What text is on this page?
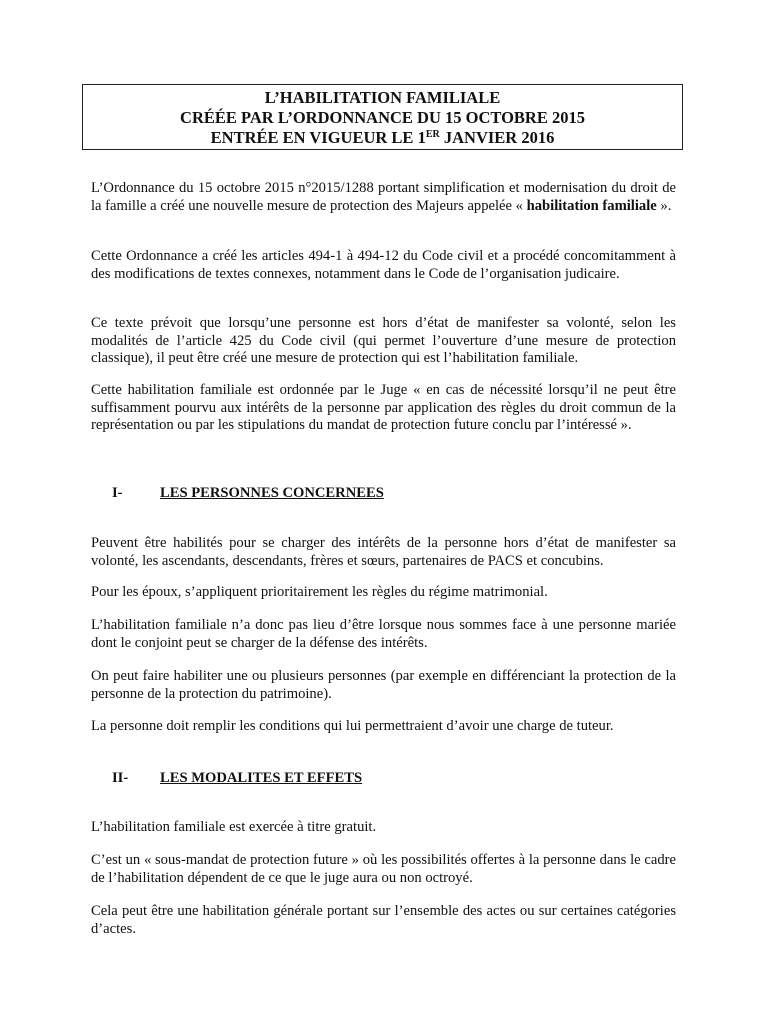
L’HABILITATION FAMILIALE
CRÉÉE PAR L’ORDONNANCE DU 15 OCTOBRE 2015
ENTRÉE EN VIGUEUR LE 1ER JANVIER 2016

L’Ordonnance du 15 octobre 2015 n°2015/1288 portant simplification et modernisation du droit de la famille a créé une nouvelle mesure de protection des Majeurs appelée « habilitation familiale ».

Cette Ordonnance a créé les articles 494-1 à 494-12 du Code civil et a procédé concomitamment à des modifications de textes connexes, notamment dans le Code de l’organisation judicaire.

Ce texte prévoit que lorsqu’une personne est hors d’état de manifester sa volonté, selon les modalités de l’article 425 du Code civil (qui permet l’ouverture d’une mesure de protection classique), il peut être créé une mesure de protection qui est l’habilitation familiale.

Cette habilitation familiale est ordonnée par le Juge « en cas de nécessité lorsqu’il ne peut être suffisamment pourvu aux intérêts de la personne par application des règles du droit commun de la représentation ou par les stipulations du mandat de protection future conclu par l’intéressé ».

I-	LES PERSONNES CONCERNEES

Peuvent être habilités pour se charger des intérêts de la personne hors d’état de manifester sa volonté, les ascendants, descendants, frères et sœurs, partenaires de PACS et concubins.

Pour les époux, s’appliquent prioritairement les règles du régime matrimonial.

L’habilitation familiale n’a donc pas lieu d’être lorsque nous sommes face à une personne mariée dont le conjoint peut se charger de la défense des intérêts.

On peut faire habiliter une ou plusieurs personnes (par exemple en différenciant la protection de la personne de la protection du patrimoine).

La personne doit remplir les conditions qui lui permettraient d’avoir une charge de tuteur.

II- LES MODALITES ET EFFETS

L’habilitation familiale est exercée à titre gratuit.

C’est un « sous-mandat de protection future » où les possibilités offertes à la personne dans le cadre de l’habilitation dépendent de ce que le juge aura ou non octroyé.

Cela peut être une habilitation générale portant sur l’ensemble des actes ou sur certaines catégories d’actes.
